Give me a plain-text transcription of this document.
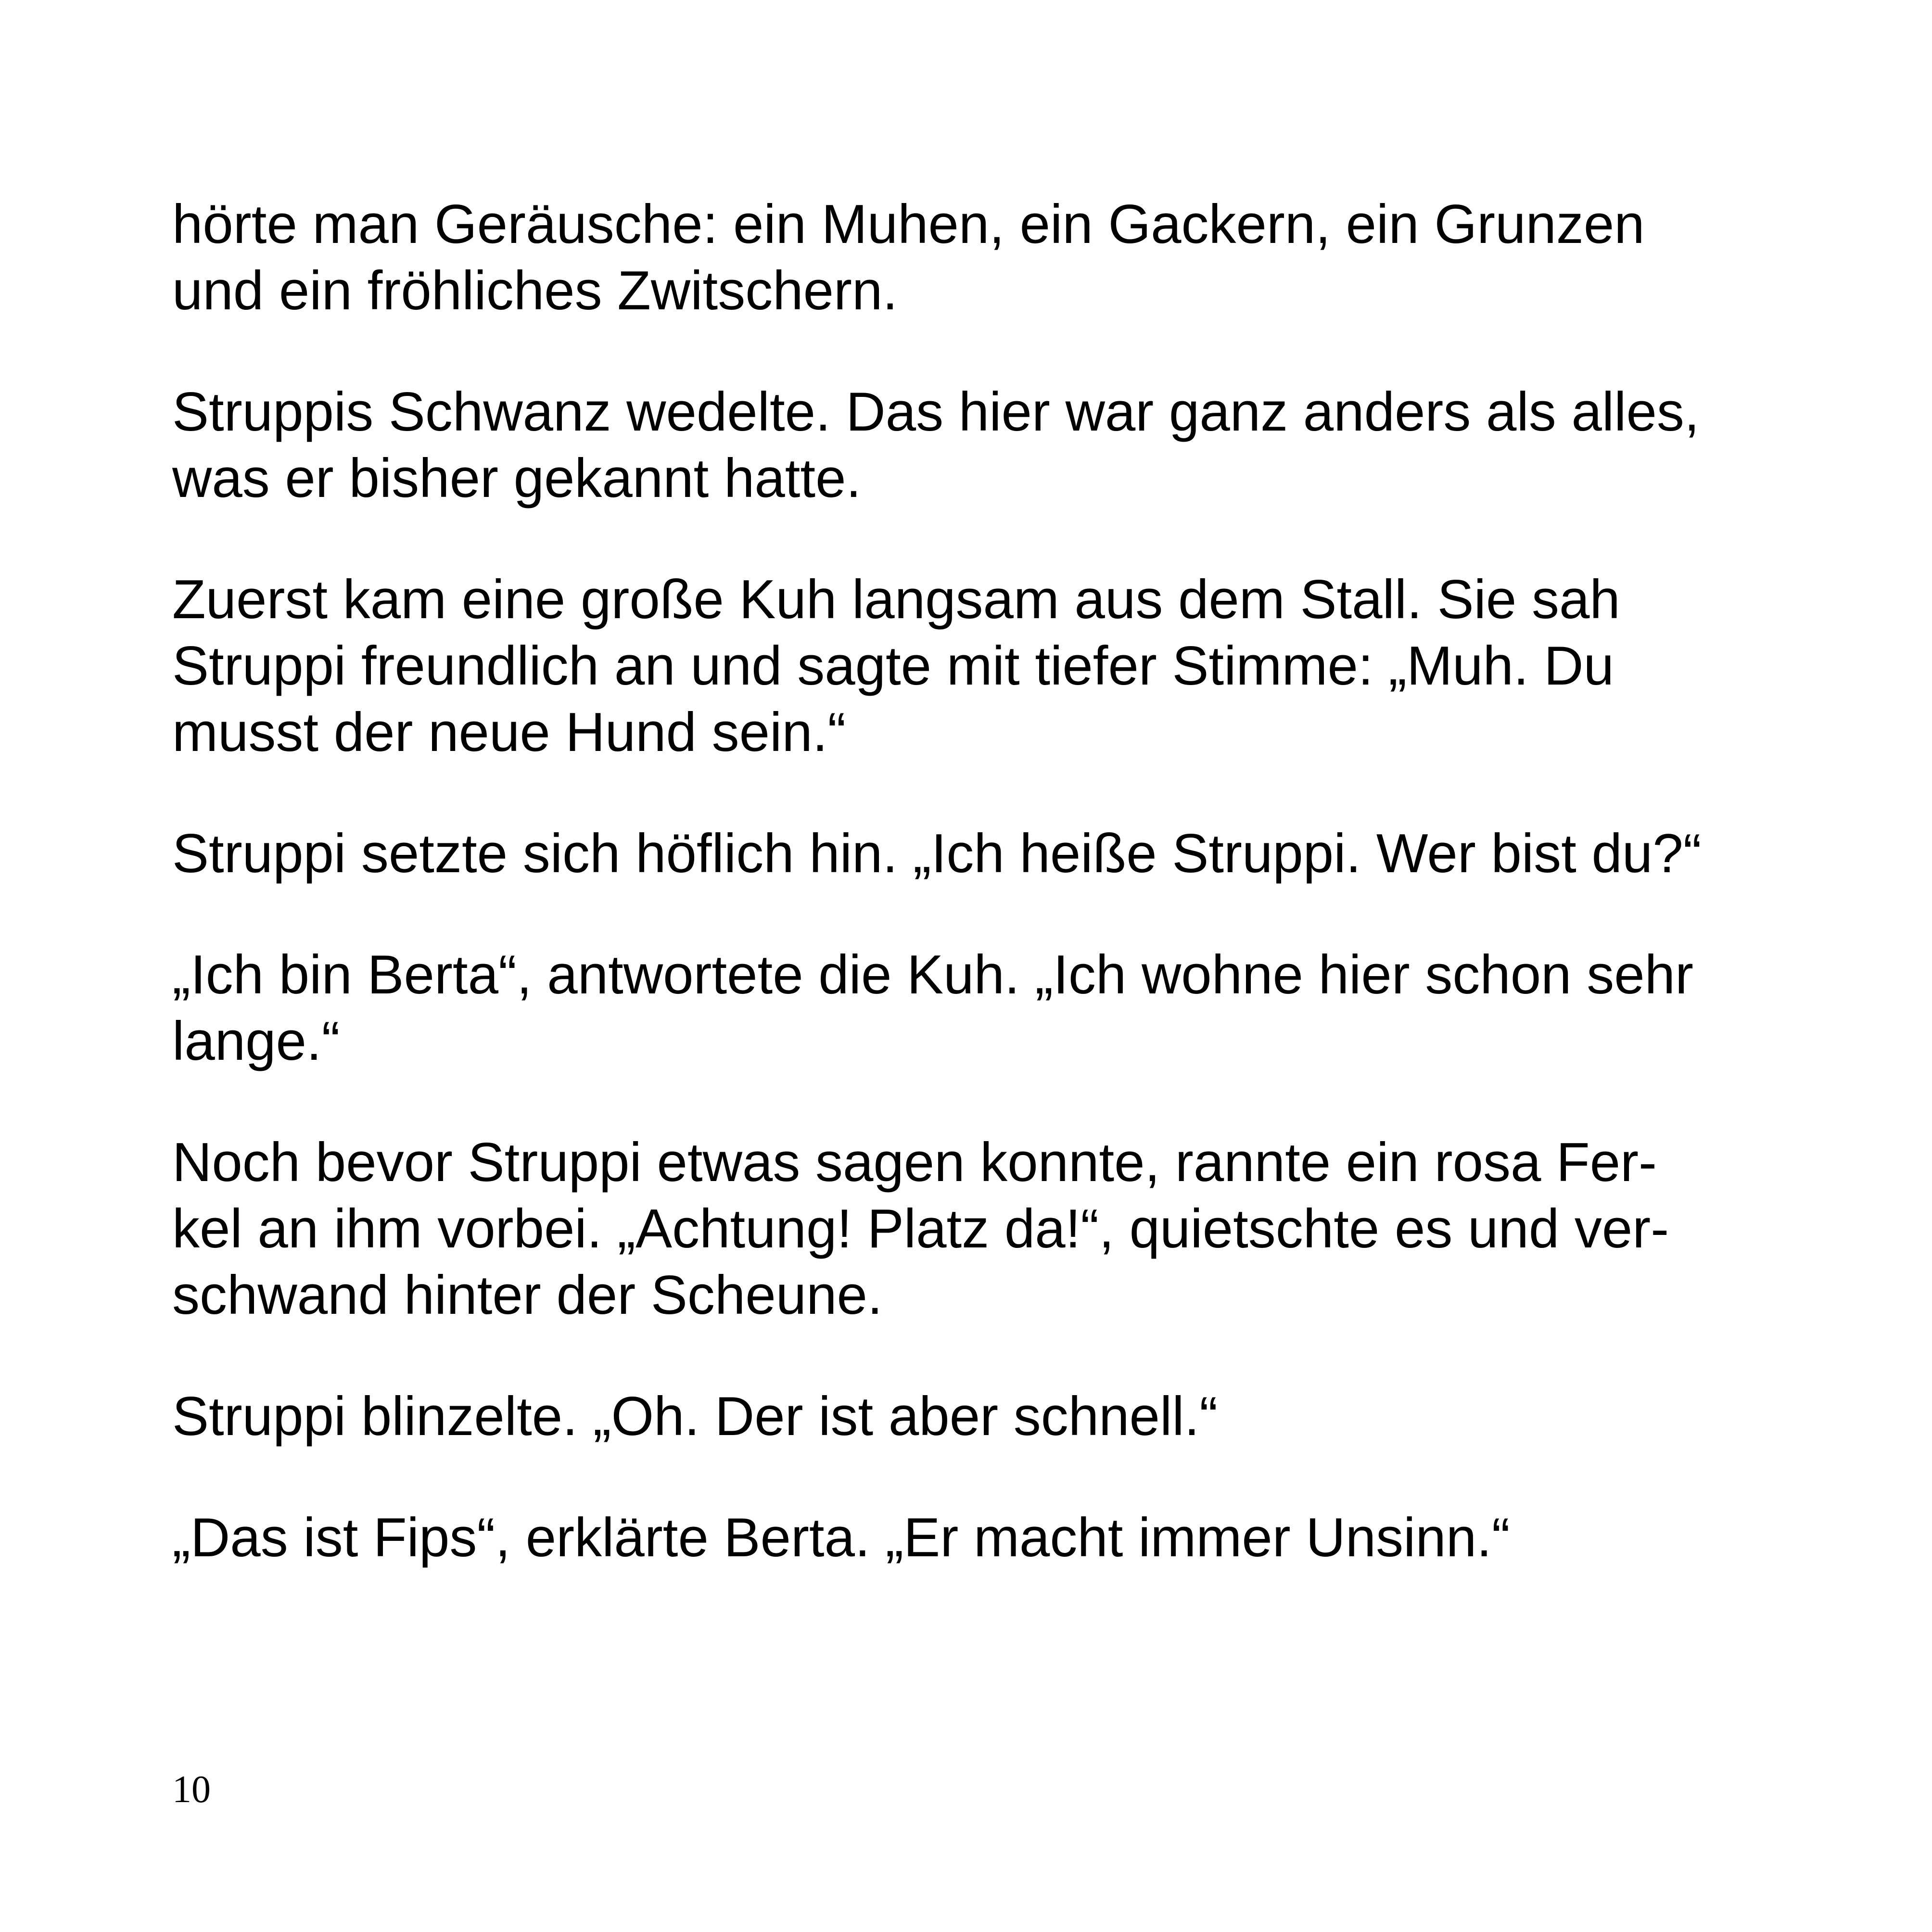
hörte man Geräusche: ein Muhen, ein Gackern, ein Grunzen
und ein fröhliches Zwitschern.

Struppis Schwanz wedelte. Das hier war ganz anders als alles,
was er bisher gekannt hatte.

Zuerst kam eine große Kuh langsam aus dem Stall. Sie sah
Struppi freundlich an und sagte mit tiefer Stimme: „Muh. Du
musst der neue Hund sein.“

Struppi setzte sich höflich hin. „Ich heiße Struppi. Wer bist du?“

„Ich bin Berta“, antwortete die Kuh. „Ich wohne hier schon sehr
lange.“

Noch bevor Struppi etwas sagen konnte, rannte ein rosa Fer-
kel an ihm vorbei. „Achtung! Platz da!“, quietschte es und ver-
schwand hinter der Scheune.

Struppi blinzelte. „Oh. Der ist aber schnell.“

„Das ist Fips“, erklärte Berta. „Er macht immer Unsinn.“

10
